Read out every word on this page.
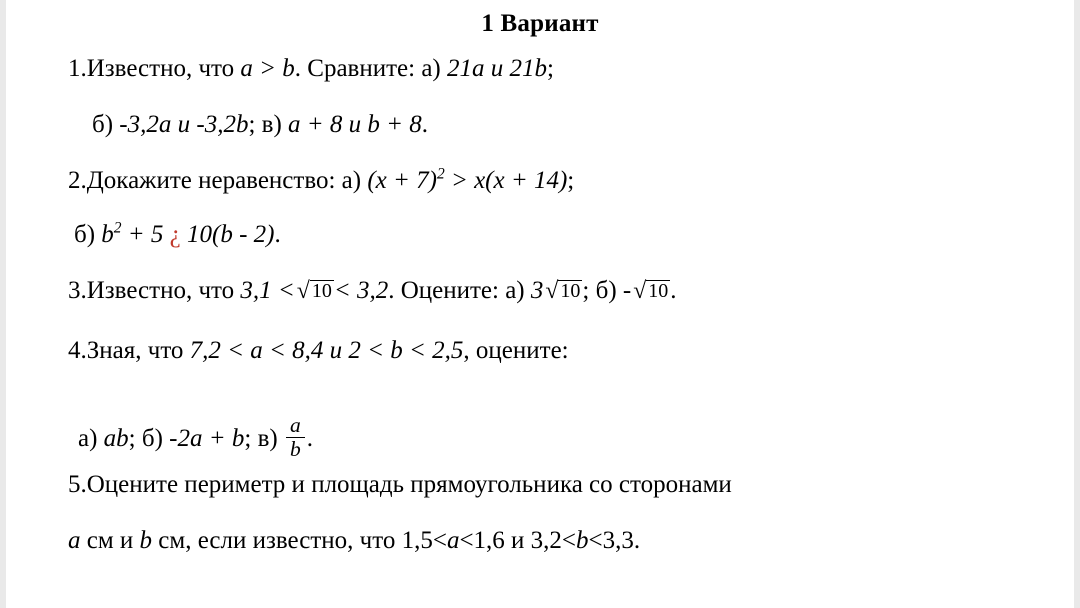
1 Вариант
1.Известно, что a > b. Сравните: а) 21a и 21b;
б) -3,2a и -3,2b; в) a + 8 и b + 8.
2.Докажите неравенство: а) $(x + 7)^2 > x(x + 14)$;
б) $b^2 + 5$ ¿ 10(b - 2).
3.Известно, что 3,1 <√ 10< 3,2. Оцените: а) 3√ 10; б) -√ 10.
4.Зная, что 7,2 < a < 8,4 и 2 < b < 2,5, оцените:
а) ab; б) -2a + b; $в) \frac{a}{b}$ .
5.Оцените периметр и площадь прямоугольника со сторонами
a см и b см, если известно, что 1,5<a<1,6 и 3,2<b<3,3.
